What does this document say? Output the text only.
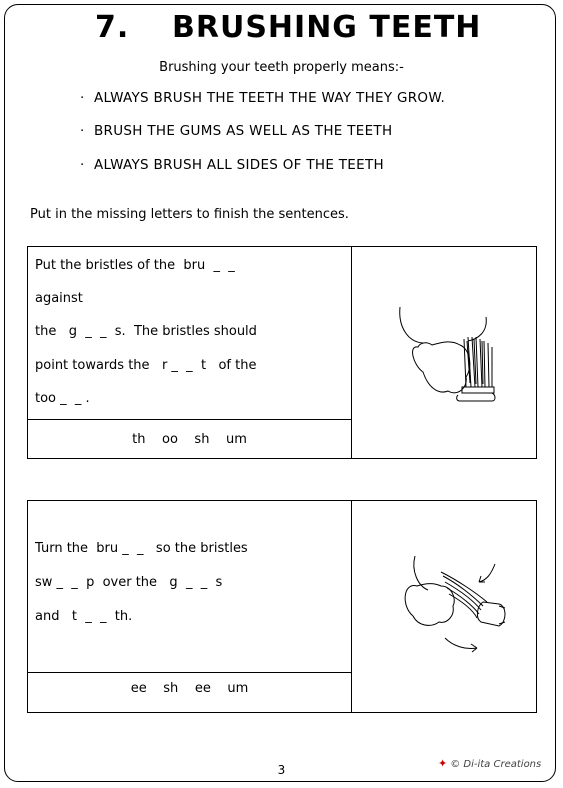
7. BRUSHING TEETH
Brushing your teeth properly means:-
· ALWAYS BRUSH THE TEETH THE WAY THEY GROW.
· BRUSH THE GUMS AS WELL AS THE TEETH
· ALWAYS BRUSH ALL SIDES OF THE TEETH
Put in the missing letters to finish the sentences.
Put the bristles of the  bru  _  _
against
the   g  _  _  s.  The bristles should
point towards the   r _  _  t   of the
too _  _ .
th    oo    sh    um
Turn the  bru _  _   so the bristles
sw _  _  p  over the   g  _  _  s
and   t  _  _  th.
ee    sh    ee    um
3	✦ © Di-ita Creations
